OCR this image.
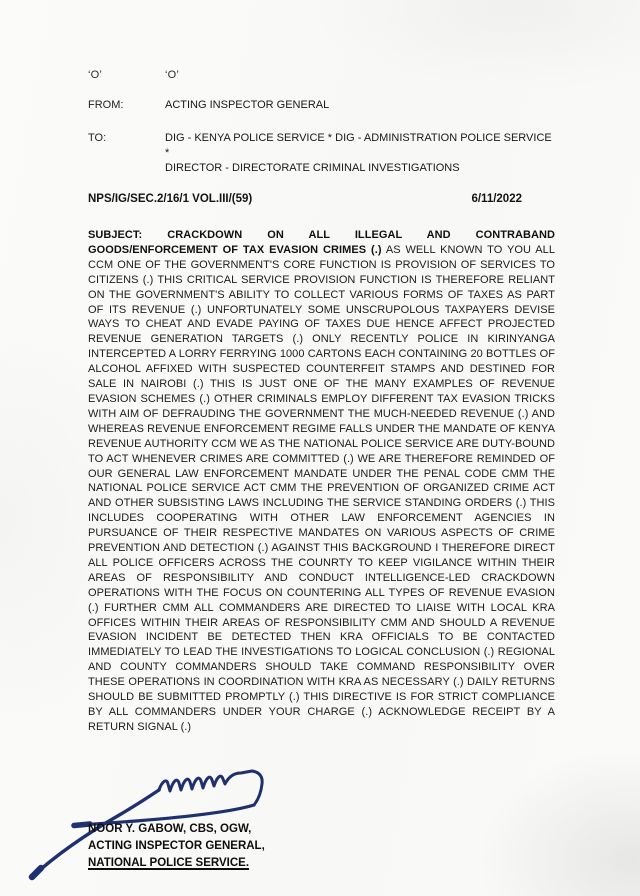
‘O’	‘O’
FROM:	ACTING INSPECTOR GENERAL
TO:	DIG - KENYA POLICE SERVICE * DIG - ADMINISTRATION POLICE SERVICE *
DIRECTOR - DIRECTORATE CRIMINAL INVESTIGATIONS
NPS/IG/SEC.2/16/1 VOL.III/(59)	6/11/2022
SUBJECT: CRACKDOWN ON ALL ILLEGAL AND CONTRABAND GOODS/ENFORCEMENT OF TAX EVASION CRIMES (.) AS WELL KNOWN TO YOU ALL CCM ONE OF THE GOVERNMENT'S CORE FUNCTION IS PROVISION OF SERVICES TO CITIZENS (.) THIS CRITICAL SERVICE PROVISION FUNCTION IS THEREFORE RELIANT ON THE GOVERNMENT'S ABILITY TO COLLECT VARIOUS FORMS OF TAXES AS PART OF ITS REVENUE (.) UNFORTUNATELY SOME UNSCRUPOLOUS TAXPAYERS DEVISE WAYS TO CHEAT AND EVADE PAYING OF TAXES DUE HENCE AFFECT PROJECTED REVENUE GENERATION TARGETS (.) ONLY RECENTLY POLICE IN KIRINYANGA INTERCEPTED A LORRY FERRYING 1000 CARTONS EACH CONTAINING 20 BOTTLES OF ALCOHOL AFFIXED WITH SUSPECTED COUNTERFEIT STAMPS AND DESTINED FOR SALE IN NAIROBI (.) THIS IS JUST ONE OF THE MANY EXAMPLES OF REVENUE EVASION SCHEMES (.) OTHER CRIMINALS EMPLOY DIFFERENT TAX EVASION TRICKS WITH AIM OF DEFRAUDING THE GOVERNMENT THE MUCH-NEEDED REVENUE (.) AND WHEREAS REVENUE ENFORCEMENT REGIME FALLS UNDER THE MANDATE OF KENYA REVENUE AUTHORITY CCM WE AS THE NATIONAL POLICE SERVICE ARE DUTY-BOUND TO ACT WHENEVER CRIMES ARE COMMITTED (.) WE ARE THEREFORE REMINDED OF OUR GENERAL LAW ENFORCEMENT MANDATE UNDER THE PENAL CODE CMM THE NATIONAL POLICE SERVICE ACT CMM THE PREVENTION OF ORGANIZED CRIME ACT AND OTHER SUBSISTING LAWS INCLUDING THE SERVICE STANDING ORDERS (.) THIS INCLUDES COOPERATING WITH OTHER LAW ENFORCEMENT AGENCIES IN PURSUANCE OF THEIR RESPECTIVE MANDATES ON VARIOUS ASPECTS OF CRIME PREVENTION AND DETECTION (.) AGAINST THIS BACKGROUND I THEREFORE DIRECT ALL POLICE OFFICERS ACROSS THE COUNRTY TO KEEP VIGILANCE WITHIN THEIR AREAS OF RESPONSIBILITY AND CONDUCT INTELLIGENCE-LED CRACKDOWN OPERATIONS WITH THE FOCUS ON COUNTERING ALL TYPES OF REVENUE EVASION (.) FURTHER CMM ALL COMMANDERS ARE DIRECTED TO LIAISE WITH LOCAL KRA OFFICES WITHIN THEIR AREAS OF RESPONSIBILITY CMM AND SHOULD A REVENUE EVASION INCIDENT BE DETECTED THEN KRA OFFICIALS TO BE CONTACTED IMMEDIATELY TO LEAD THE INVESTIGATIONS TO LOGICAL CONCLUSION (.) REGIONAL AND COUNTY COMMANDERS SHOULD TAKE COMMAND RESPONSIBILITY OVER THESE OPERATIONS IN COORDINATION WITH KRA AS NECESSARY (.) DAILY RETURNS SHOULD BE SUBMITTED PROMPTLY (.) THIS DIRECTIVE IS FOR STRICT COMPLIANCE BY ALL COMMANDERS UNDER YOUR CHARGE (.) ACKNOWLEDGE RECEIPT BY A RETURN SIGNAL (.)
NOOR Y. GABOW, CBS, OGW,
ACTING INSPECTOR GENERAL,
NATIONAL POLICE SERVICE.
